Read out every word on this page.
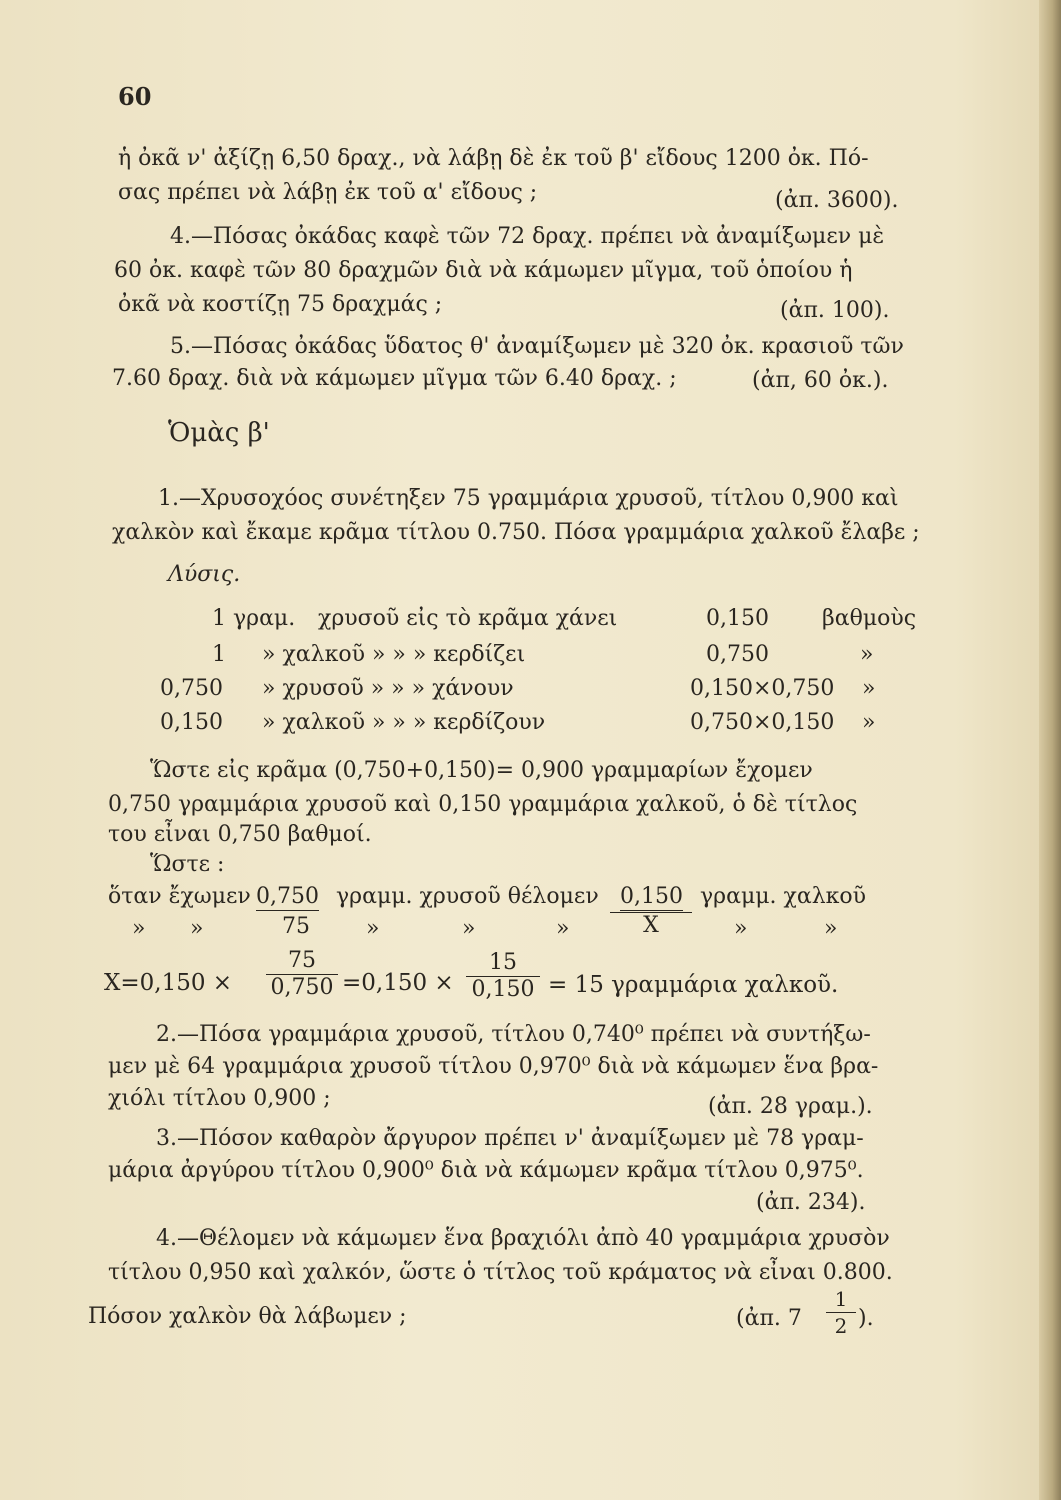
60
ἡ ὀκᾶ ν' ἀξίζῃ 6,50 δραχ., νὰ λάβῃ δὲ ἐκ τοῦ β' εἴδους 1200 ὀκ. Πό-
σας πρέπει νὰ λάβῃ ἐκ τοῦ α' εἴδους ;	(ἀπ. 3600).
4.—Πόσας ὀκάδας καφὲ τῶν 72 δραχ. πρέπει νὰ ἀναμίξωμεν μὲ
60 ὀκ. καφὲ τῶν 80 δραχμῶν διὰ νὰ κάμωμεν μῖγμα, τοῦ ὁποίου ἡ
ὀκᾶ νὰ κοστίζῃ 75 δραχμάς ;	(ἀπ. 100).
5.—Πόσας ὀκάδας ὕδατος θ' ἀναμίξωμεν μὲ 320 ὀκ. κρασιοῦ τῶν
7.60 δραχ. διὰ νὰ κάμωμεν μῖγμα τῶν 6.40 δραχ. ;	(ἀπ, 60 ὀκ.).
Ὁμὰς β'
1.—Χρυσοχόος συνέτηξεν 75 γραμμάρια χρυσοῦ, τίτλου 0,900 καὶ
χαλκὸν καὶ ἔκαμε κρᾶμα τίτλου 0.750. Πόσα γραμμάρια χαλκοῦ ἔλαβε ;
Λύσις.
1 γραμ. χρυσοῦ εἰς τὸ κρᾶμα χάνει	0,150 βαθμοὺς
1 » χαλκοῦ » » » κερδίζει	0,750	»
0,750 » χρυσοῦ » » » χάνουν	0,150×0,750 »
0,150 » χαλκοῦ » » » κερδίζουν	0,750×0,150 »
Ὥστε εἰς κρᾶμα (0,750+0,150)= 0,900 γραμμαρίων ἔχομεν
0,750 γραμμάρια χρυσοῦ καὶ 0,150 γραμμάρια χαλκοῦ, ὁ δὲ τίτλος
του εἶναι 0,750 βαθμοί.
Ὥστε :
ὅταν ἔχωμεν 0,750 γραμμ. χρυσοῦ θέλομεν 0,150 γραμμ. χαλκοῦ
» »	75	»	»	»	X	»	»
$X=0,150 \times \frac{75}{0,750} =0,150 \times \frac{15}{0,150} = 15$ γραμμάρια χαλκοῦ.
2.—Πόσα γραμμάρια χρυσοῦ, τίτλου 0,740⁰ πρέπει νὰ συντήξω-
μεν μὲ 64 γραμμάρια χρυσοῦ τίτλου 0,970⁰ διὰ νὰ κάμωμεν ἕνα βρα-
χιόλι τίτλου 0,900 ;	(ἀπ. 28 γραμ.).
3.—Πόσον καθαρὸν ἄργυρον πρέπει ν' ἀναμίξωμεν μὲ 78 γραμ-
μάρια ἀργύρου τίτλου 0,900⁰ διὰ νὰ κάμωμεν κρᾶμα τίτλου 0,975⁰.
(ἀπ. 234).
4.—Θέλομεν νὰ κάμωμεν ἕνα βραχιόλι ἀπὸ 40 γραμμάρια χρυσὸν
τίτλου 0,950 καὶ χαλκόν, ὥστε ὁ τίτλος τοῦ κράματος νὰ εἶναι 0.800.
Πόσον χαλκὸν θὰ λάβωμεν ;	(ἀπ. $7 \frac{1}{2}$ ).
